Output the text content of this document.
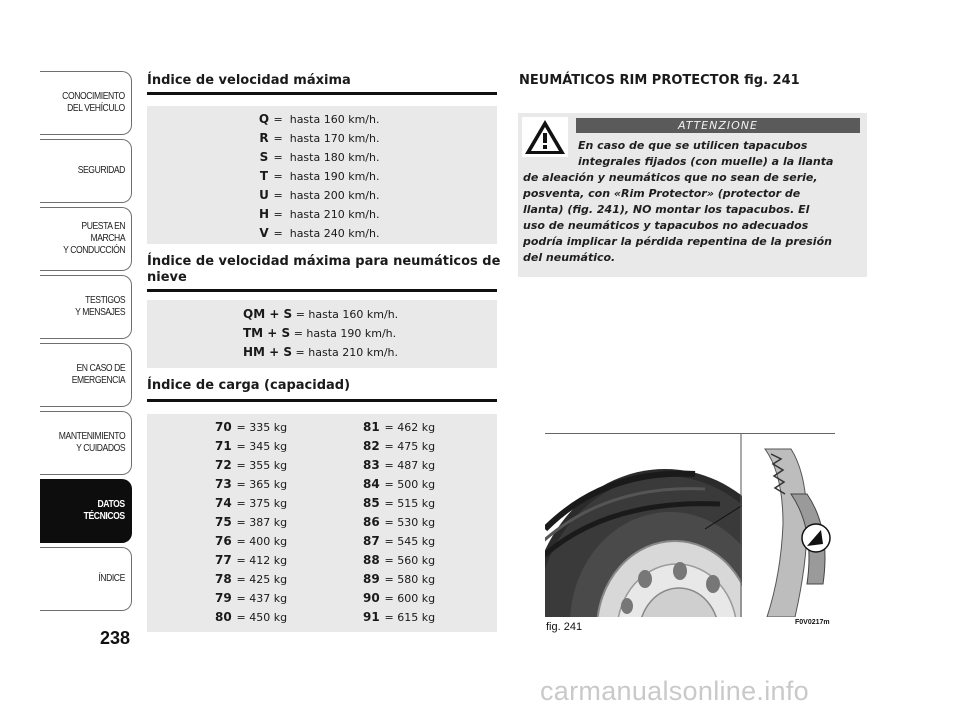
CONOCIMIENTO
DEL VEHÍCULO
SEGURIDAD
PUESTA EN
MARCHA
Y CONDUCCIÓN
TESTIGOS
Y MENSAJES
EN CASO DE
EMERGENCIA
MANTENIMIENTO
Y CUIDADOS
DATOS
TÉCNICOS
ÍNDICE
238
Índice de velocidad máxima
Q = hasta 160 km/h.
R = hasta 170 km/h.
S = hasta 180 km/h.
T = hasta 190 km/h.
U = hasta 200 km/h.
H = hasta 210 km/h.
V = hasta 240 km/h.
Índice de velocidad máxima para neumáticos de
nieve
QM + S = hasta 160 km/h.
TM + S = hasta 190 km/h.
HM + S = hasta 210 km/h.
Índice de carga (capacidad)
70 = 335 kg
71 = 345 kg
72 = 355 kg
73 = 365 kg
74 = 375 kg
75 = 387 kg
76 = 400 kg
77 = 412 kg
78 = 425 kg
79 = 437 kg
80 = 450 kg
81 = 462 kg
82 = 475 kg
83 = 487 kg
84 = 500 kg
85 = 515 kg
86 = 530 kg
87 = 545 kg
88 = 560 kg
89 = 580 kg
90 = 600 kg
91 = 615 kg
NEUMÁTICOS RIM PROTECTOR fig. 241
ATTENZIONE
En caso de que se utilicen tapacubos
integrales fijados (con muelle) a la llanta
de aleación y neumáticos que no sean de serie,
posventa, con «Rim Protector» (protector de
llanta) (fig. 241), NO montar los tapacubos. El
uso de neumáticos y tapacubos no adecuados
podría implicar la pérdida repentina de la presión
del neumático.
fig. 241	F0V0217m
carmanualsonline.info
